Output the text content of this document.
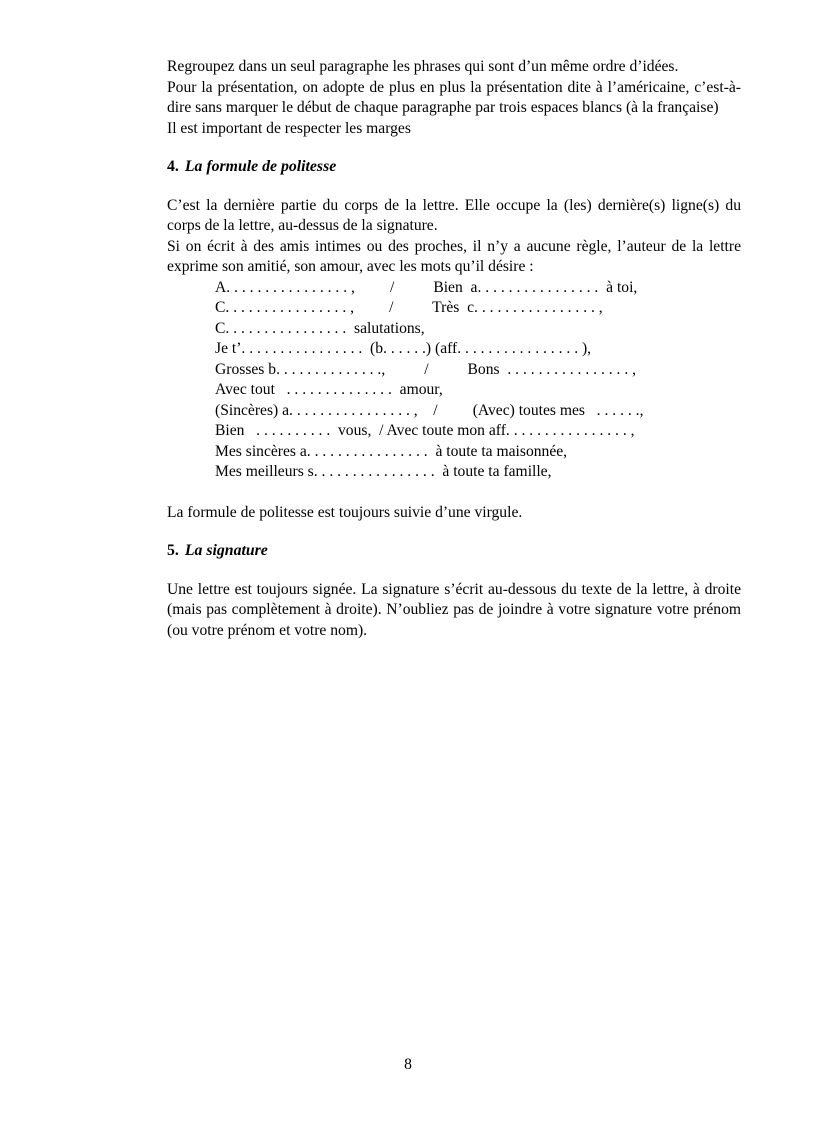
Regroupez dans un seul paragraphe les phrases qui sont d’un même ordre d’idées.

Pour la présentation, on adopte de plus en plus la présentation dite à l’américaine, c’est-à-dire sans marquer le début de chaque paragraphe par trois espaces blancs (à la française)

Il est important de respecter les marges

4. La formule de politesse

C’est la dernière partie du corps de la lettre. Elle occupe la (les) dernière(s) ligne(s) du corps de la lettre, au-dessus de la signature.

Si on écrit à des amis intimes ou des proches, il n’y a aucune règle, l’auteur de la lettre exprime son amitié, son amour, avec les mots qu’il désire :

A. . . . . . . . . . . . . . . . ,         /          Bien  a. . . . . . . . . . . . . . . .  à toi,

C. . . . . . . . . . . . . . . . ,         /          Très  c. . . . . . . . . . . . . . . . ,

C. . . . . . . . . . . . . . . .  salutations,

Je t’. . . . . . . . . . . . . . . .  (b. . . . . .) (aff. . . . . . . . . . . . . . . . ),

Grosses b. . . . . . . . . . . . . .,          /          Bons  . . . . . . . . . . . . . . . . ,

Avec tout   . . . . . . . . . . . . . .  amour,

(Sincères) a. . . . . . . . . . . . . . . . ,    /         (Avec) toutes mes   . . . . . .,

Bien   . . . . . . . . . .  vous,  / Avec toute mon aff. . . . . . . . . . . . . . . . ,

Mes sincères a. . . . . . . . . . . . . . . .  à toute ta maisonnée,

Mes meilleurs s. . . . . . . . . . . . . . . .  à toute ta famille,

La formule de politesse est toujours suivie d’une virgule.

5. La signature

Une lettre est toujours signée. La signature s’écrit au-dessous du texte de la lettre, à droite (mais pas complètement à droite). N’oubliez pas de joindre à votre signature votre prénom (ou votre prénom et votre nom).

8
